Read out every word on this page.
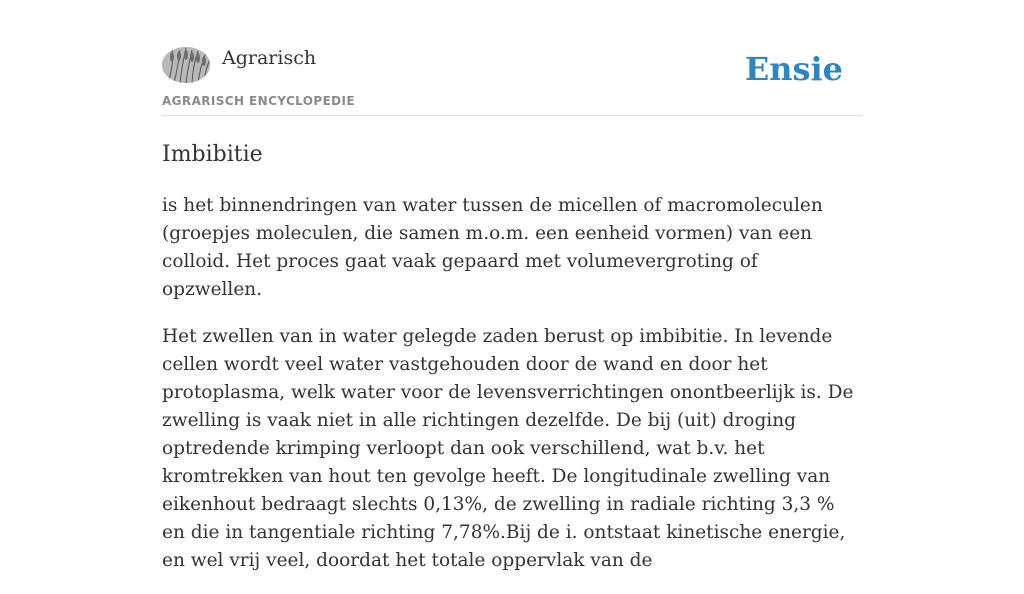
Agrarisch
AGRARISCH ENCYCLOPEDIE
Ensie
Imbibitie

is het binnendringen van water tussen de micellen of macromoleculen (groepjes moleculen, die samen m.o.m. een eenheid vormen) van een colloid. Het proces gaat vaak gepaard met volumevergroting of opzwellen.

Het zwellen van in water gelegde zaden berust op imbibitie. In levende cellen wordt veel water vastgehouden door de wand en door het protoplasma, welk water voor de levensverrichtingen onontbeerlijk is. De zwelling is vaak niet in alle richtingen dezelfde. De bij (uit) droging optredende krimping verloopt dan ook verschillend, wat b.v. het kromtrekken van hout ten gevolge heeft. De longitudinale zwelling van eikenhout bedraagt slechts 0,13%, de zwelling in radiale richting 3,3 % en die in tangentiale richting 7,78%.Bij de i. ontstaat kinetische energie, en wel vrij veel, doordat het totale oppervlak van de
